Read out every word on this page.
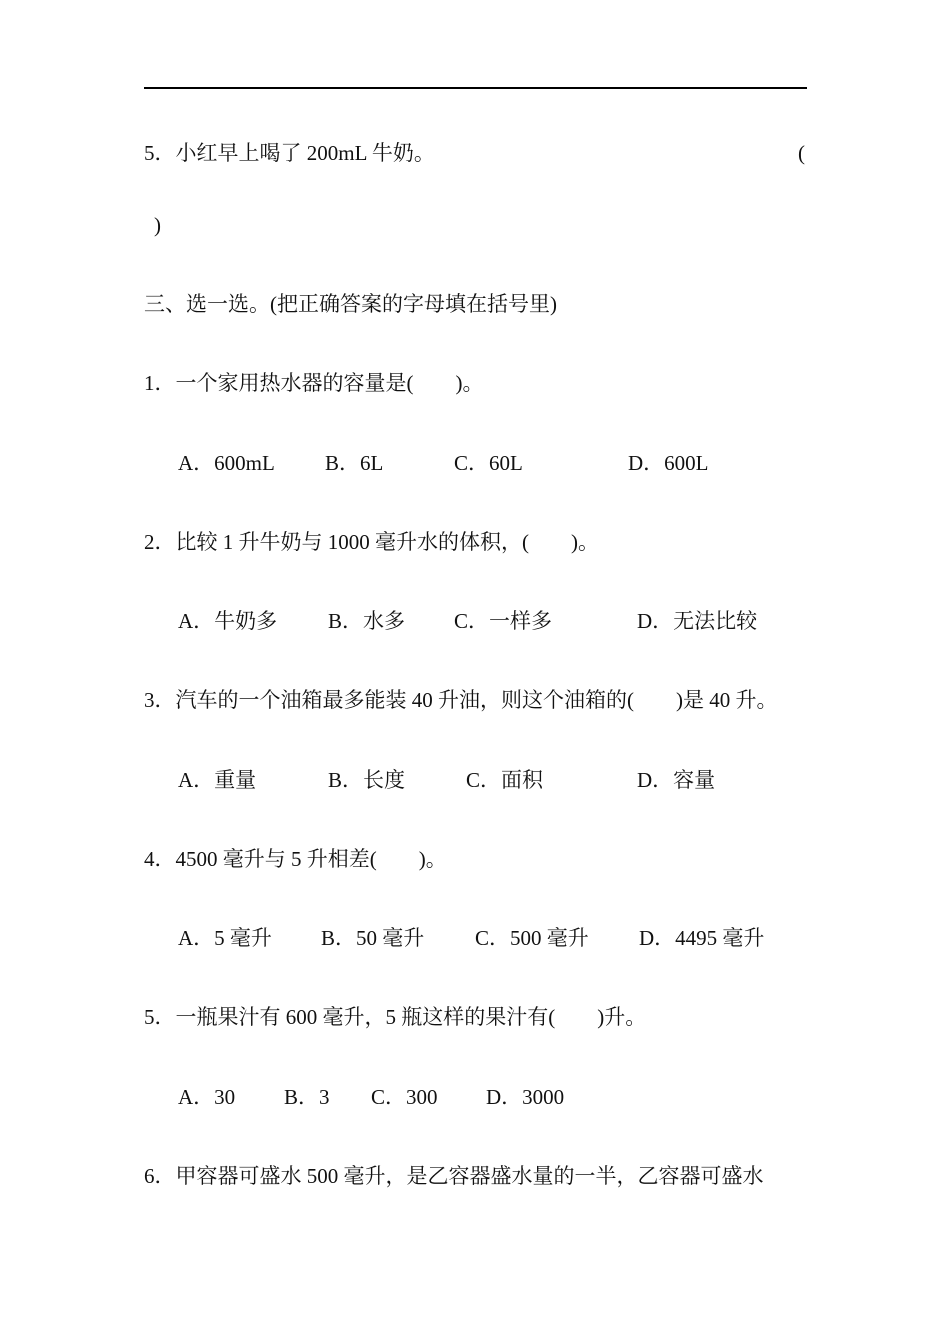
5．小红早上喝了 200mL 牛奶。	(
)
三、选一选。(把正确答案的字母填在括号里)
1．一个家用热水器的容量是(　　)。
A．600mL B．6L	C．60L	D．600L
2．比较 1 升牛奶与 1000 毫升水的体积，(　　)。
A．牛奶多 B．水多 C．一样多	D．无法比较
3．汽车的一个油箱最多能装 40 升油，则这个油箱的(　　)是 40 升。
A．重量	B．长度	C．面积	D．容量
4．4500 毫升与 5 升相差(　　)。
A．5 毫升 B．50 毫升 C．500 毫升 D．4495 毫升
5．一瓶果汁有 600 毫升，5 瓶这样的果汁有(　　)升。
A．30 B．3 C．300 D．3000
6．甲容器可盛水 500 毫升，是乙容器盛水量的一半，乙容器可盛水
